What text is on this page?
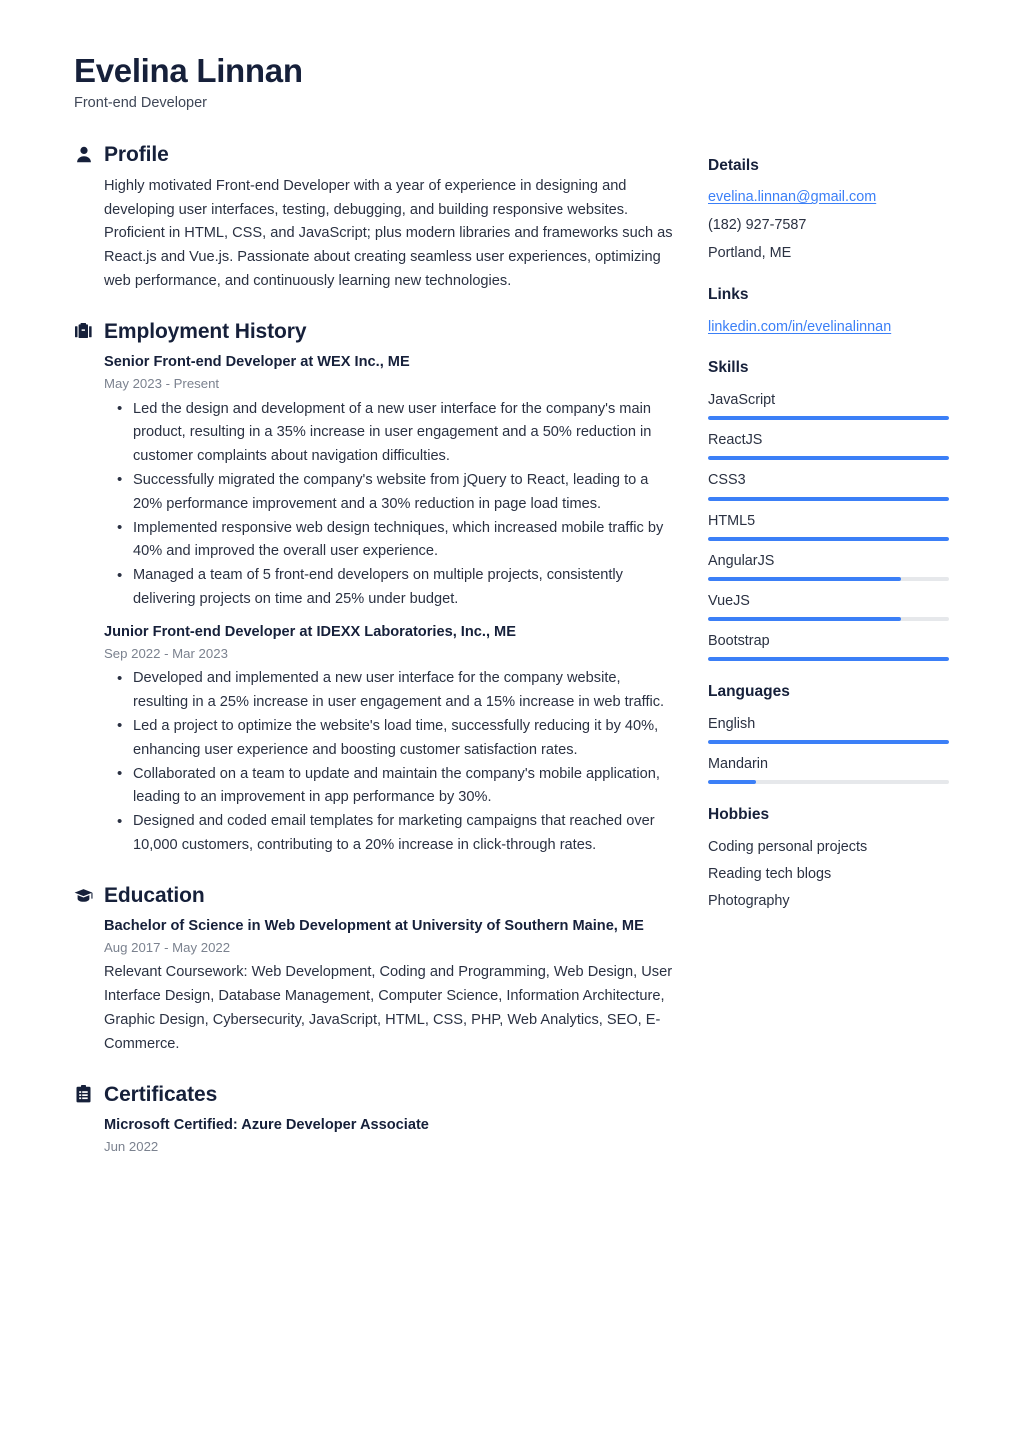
Evelina Linnan

Front-end Developer

Profile

Highly motivated Front-end Developer with a year of experience in designing and developing user interfaces, testing, debugging, and building responsive websites. Proficient in HTML, CSS, and JavaScript; plus modern libraries and frameworks such as React.js and Vue.js. Passionate about creating seamless user experiences, optimizing web performance, and continuously learning new technologies.

Employment History

Senior Front-end Developer at WEX Inc., ME

May 2023 - Present

• Led the design and development of a new user interface for the company's main product, resulting in a 35% increase in user engagement and a 50% reduction in customer complaints about navigation difficulties.
• Successfully migrated the company's website from jQuery to React, leading to a 20% performance improvement and a 30% reduction in page load times.
• Implemented responsive web design techniques, which increased mobile traffic by 40% and improved the overall user experience.
• Managed a team of 5 front-end developers on multiple projects, consistently delivering projects on time and 25% under budget.

Junior Front-end Developer at IDEXX Laboratories, Inc., ME

Sep 2022 - Mar 2023

• Developed and implemented a new user interface for the company website, resulting in a 25% increase in user engagement and a 15% increase in web traffic.
• Led a project to optimize the website's load time, successfully reducing it by 40%, enhancing user experience and boosting customer satisfaction rates.
• Collaborated on a team to update and maintain the company's mobile application, leading to an improvement in app performance by 30%.
• Designed and coded email templates for marketing campaigns that reached over 10,000 customers, contributing to a 20% increase in click-through rates.
Education

Bachelor of Science in Web Development at University of Southern Maine, ME

Aug 2017 - May 2022

Relevant Coursework: Web Development, Coding and Programming, Web Design, User Interface Design, Database Management, Computer Science, Information Architecture, Graphic Design, Cybersecurity, JavaScript, HTML, CSS, PHP, Web Analytics, SEO, E-Commerce.

Certificates

Microsoft Certified: Azure Developer Associate

Jun 2022

Details

evelina.linnan@gmail.com
(182) 927-7587
Portland, ME

Links

linkedin.com/in/evelinalinnan

Skills

JavaScript
ReactJS
CSS3
HTML5
AngularJS
VueJS
Bootstrap

Languages

English
Mandarin

Hobbies

Coding personal projects
Reading tech blogs
Photography
